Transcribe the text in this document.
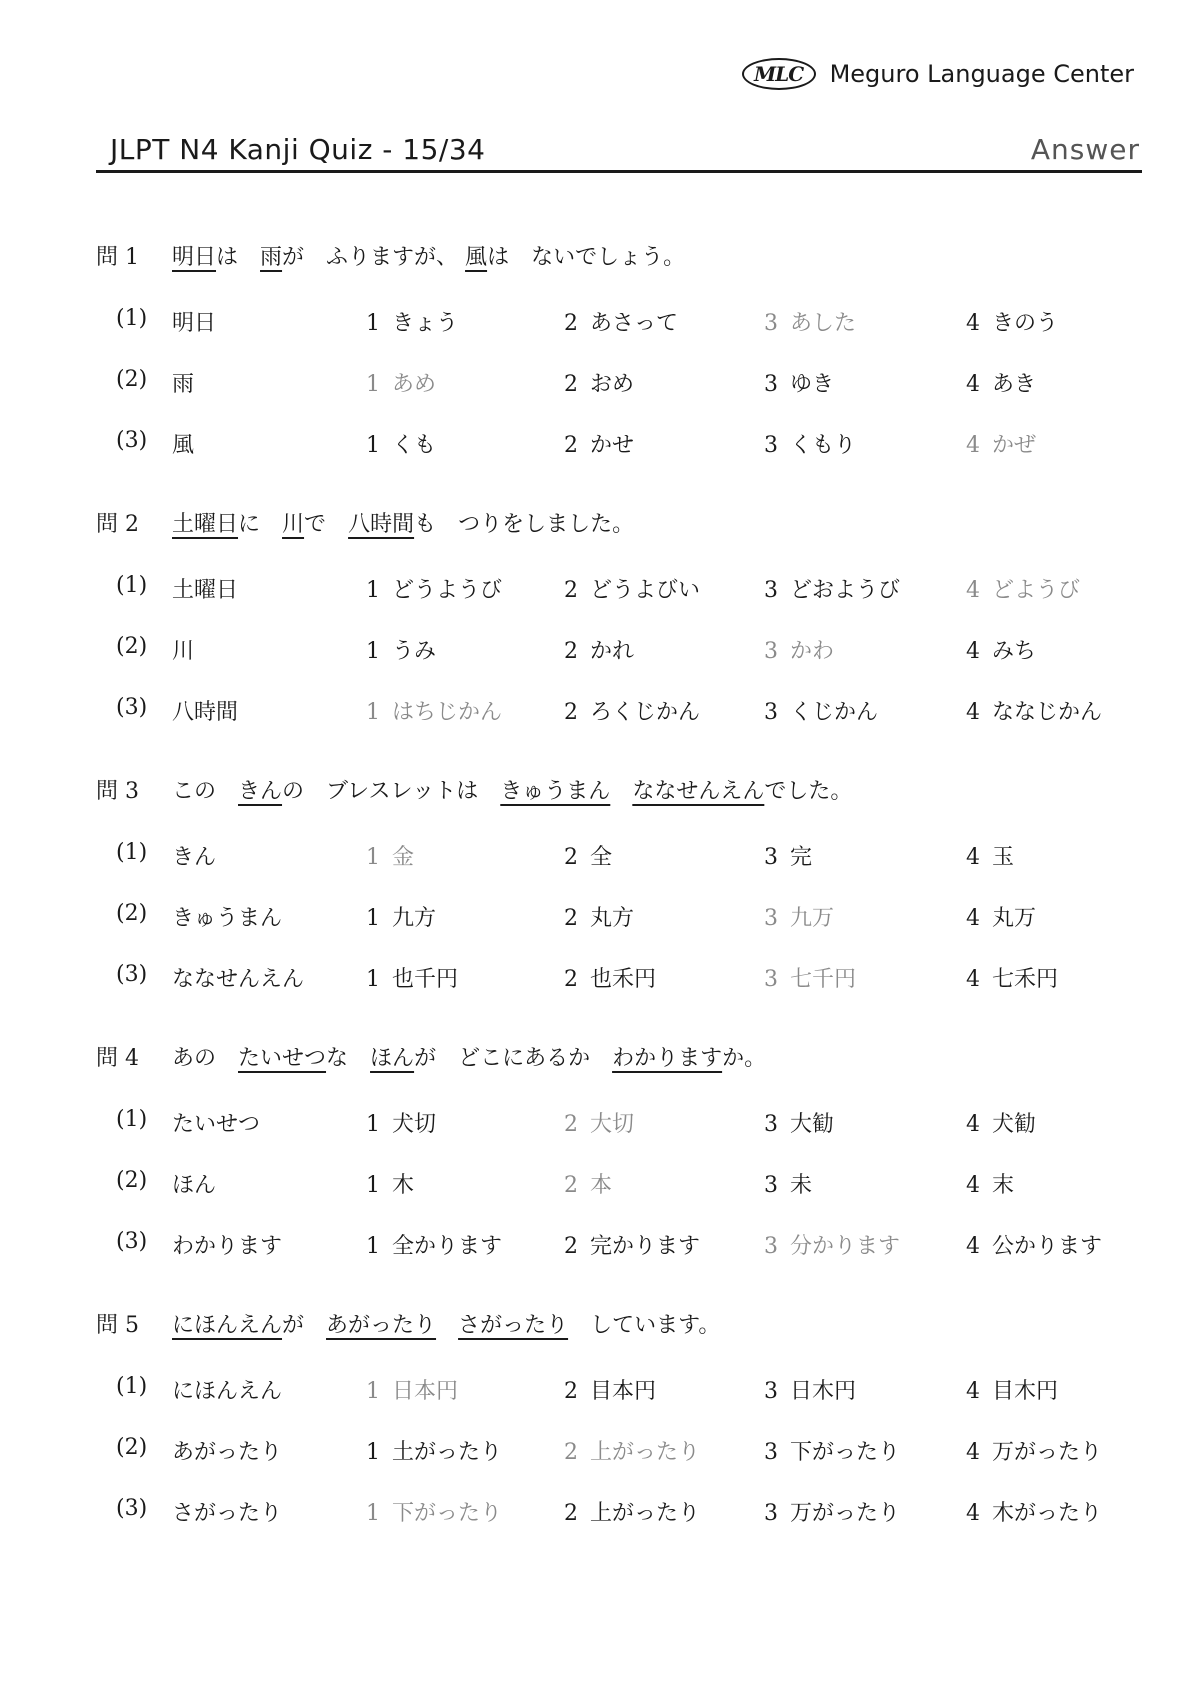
MLC	Meguro Language Center
JLPT N4 Kanji Quiz - 15/34	Answer
問 1 明日は　雨が　ふりますが、 風は　ないでしょう。
(1) 明日	1 きょう	2 あさって	3 あした	4 きのう
(2) 雨	1 あめ	2 おめ	3 ゆき	4 あき
(3) 風	1 くも	2 かせ	3 くもり	4 かぜ
問 2 土曜日に　川で　八時間も　つりをしました。
(1) 土曜日	1 どうようび	2 どうよびい	3 どおようび	4 どようび
(2) 川	1 うみ	2 かれ	3 かわ	4 みち
(3) 八時間	1 はちじかん	2 ろくじかん	3 くじかん	4 ななじかん
問 3 この　きんの　ブレスレットは　きゅうまん　 ななせんえんでした。
(1) きん	1 金	2 全	3 完	4 玉
(2) きゅうまん	1 九方	2 丸方	3 九万	4 丸万
(3) ななせんえん	1 也千円	2 也禾円	3 七千円	4 七禾円
問 4 あの　たいせつな　ほんが　どこにあるか　わかりますか。
(1) たいせつ	1 犬切	2 大切	3 大勧	4 犬勧
(2) ほん	1 木	2 本	3 未	4 末
(3) わかります	1 全かります	2 完かります	3 分かります	4 公かります
問 5 にほんえんが　あがったり　 さがったり　しています。
(1) にほんえん	1 日本円	2 目本円	3 日木円	4 目木円
(2) あがったり	1 土がったり	2 上がったり	3 下がったり	4 万がったり
(3) さがったり	1 下がったり	2 上がったり	3 万がったり	4 木がったり
